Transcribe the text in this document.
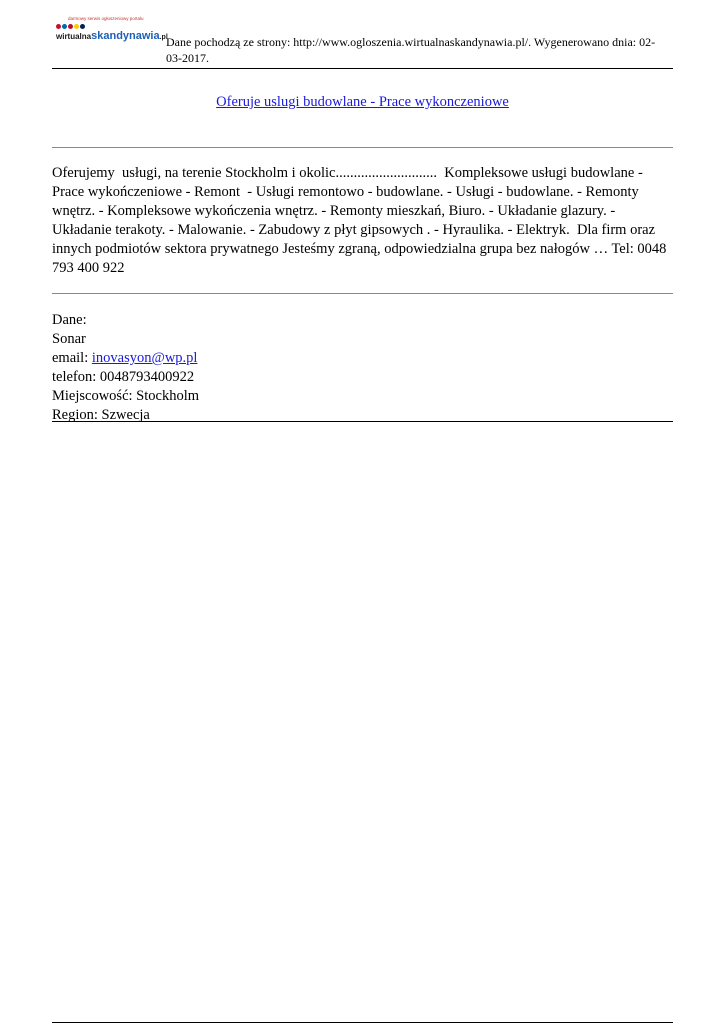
darmowy serwis ogłoszeniowy portalu
wirtualnaskandynawia.pl
Dane pochodzą ze strony: http://www.ogloszenia.wirtualnaskandynawia.pl/. Wygenerowano dnia: 02-03-2017.
Oferuje uslugi budowlane - Prace wykonczeniowe

Oferujemy  usługi, na terenie Stockholm i okolic............................  Kompleksowe usługi budowlane - Prace wykończeniowe - Remont  - Usługi remontowo - budowlane. - Usługi - budowlane. - Remonty wnętrz. - Kompleksowe wykończenia wnętrz. - Remonty mieszkań, Biuro. - Układanie glazury. - Układanie terakoty. - Malowanie. - Zabudowy z płyt gipsowych . - Hyraulika. - Elektryk.  Dla firm oraz innych podmiotów sektora prywatnego Jesteśmy zgraną, odpowiedzialna grupa bez nałogów … Tel: 0048 793 400 922

Dane:
Sonar
email: inovasyon@wp.pl
telefon: 0048793400922
Miejscowość: Stockholm
Region: Szwecja
